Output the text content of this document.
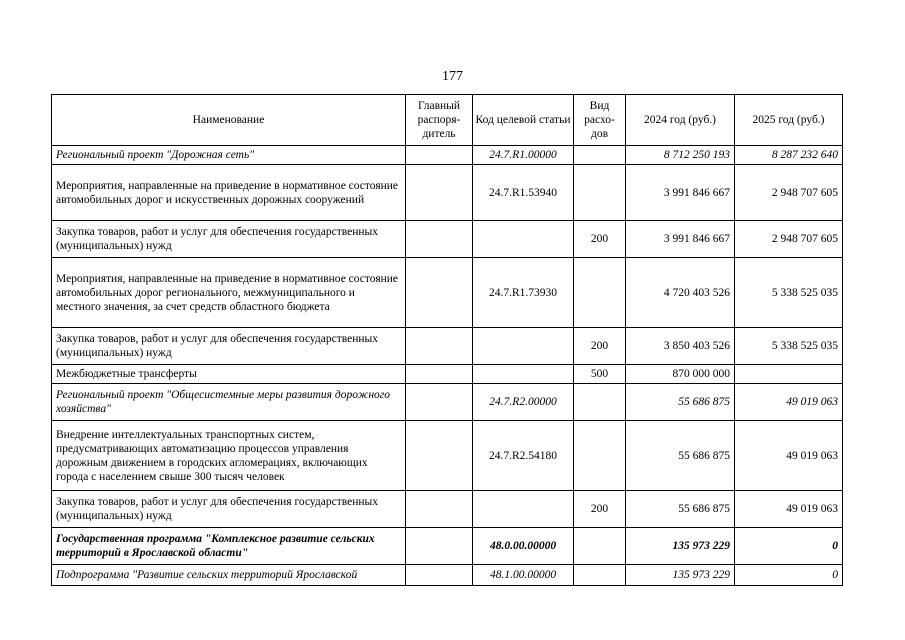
177
Наименование	Главный распоря-дитель	Код целевой статьи	Вид расхо-дов	2024 год (руб.)	2025 год (руб.)
Региональный проект "Дорожная сеть"		24.7.R1.00000		8 712 250 193	8 287 232 640
Мероприятия, направленные на приведение в нормативное состояние автомобильных дорог и искусственных дорожных сооружений		24.7.R1.53940		3 991 846 667	2 948 707 605
Закупка товаров, работ и услуг для обеспечения государственных (муниципальных) нужд			200	3 991 846 667	2 948 707 605
Мероприятия, направленные на приведение в нормативное состояние автомобильных дорог регионального, межмуниципального и местного значения, за счет средств областного бюджета		24.7.R1.73930		4 720 403 526	5 338 525 035
Закупка товаров, работ и услуг для обеспечения государственных (муниципальных) нужд			200	3 850 403 526	5 338 525 035
Межбюджетные трансферты			500	870 000 000	
Региональный проект "Общесистемные меры развития дорожного хозяйства"		24.7.R2.00000		55 686 875	49 019 063
Внедрение интеллектуальных транспортных систем, предусматривающих автоматизацию процессов управления дорожным движением в городских агломерациях, включающих города с населением свыше 300 тысяч человек		24.7.R2.54180		55 686 875	49 019 063
Закупка товаров, работ и услуг для обеспечения государственных (муниципальных) нужд			200	55 686 875	49 019 063
Государственная программа "Комплексное развитие сельских территорий в Ярославской области"		48.0.00.00000		135 973 229	0
Подпрограмма "Развитие сельских территорий Ярославской		48.1.00.00000		135 973 229	0
